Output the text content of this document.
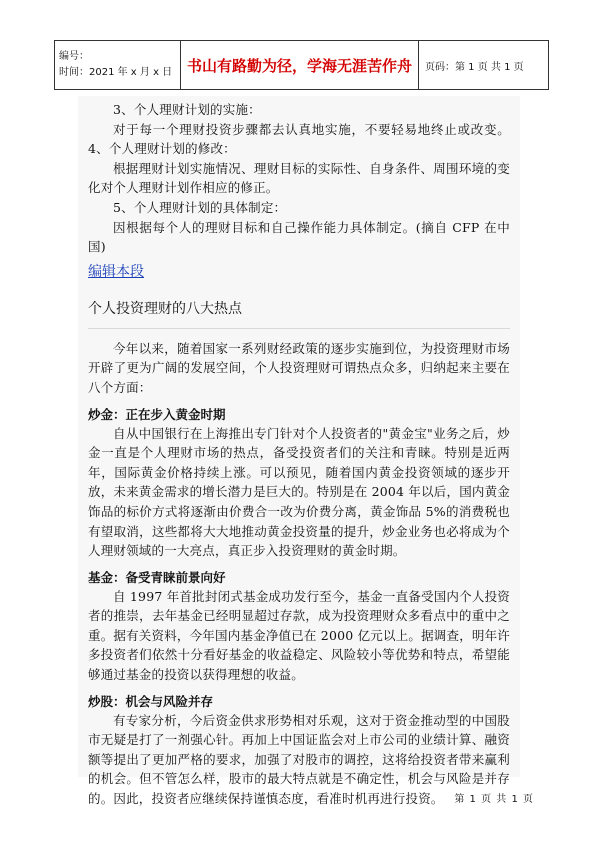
编号：
时间：2021 年 x 月 x 日	书山有路勤为径，学海无涯苦作舟	页码：第 1 页 共 1 页

3、个人理财计划的实施：

对于每一个理财投资步骤都去认真地实施，不要轻易地终止或改变。4、个人理财计划的修改：

根据理财计划实施情况、理财目标的实际性、自身条件、周围环境的变化对个人理财计划作相应的修正。

5、个人理财计划的具体制定：

因根据每个人的理财目标和自己操作能力具体制定。(摘自 CFP 在中国)

编辑本段
个人投资理财的八大热点

今年以来，随着国家一系列财经政策的逐步实施到位，为投资理财市场开辟了更为广阔的发展空间，个人投资理财可谓热点众多，归纳起来主要在八个方面：

炒金：正在步入黄金时期

自从中国银行在上海推出专门针对个人投资者的"黄金宝"业务之后，炒金一直是个人理财市场的热点，备受投资者们的关注和青睐。特别是近两年，国际黄金价格持续上涨。可以预见，随着国内黄金投资领域的逐步开放，未来黄金需求的增长潜力是巨大的。特别是在 2004 年以后，国内黄金饰品的标价方式将逐渐由价费合一改为价费分离，黄金饰品 5%的消费税也有望取消，这些都将大大地推动黄金投资量的提升，炒金业务也必将成为个人理财领域的一大亮点，真正步入投资理财的黄金时期。

基金：备受青睐前景向好

自 1997 年首批封闭式基金成功发行至今，基金一直备受国内个人投资者的推崇，去年基金已经明显超过存款，成为投资理财众多看点中的重中之重。据有关资料，今年国内基金净值已在 2000 亿元以上。据调查，明年许多投资者们依然十分看好基金的收益稳定、风险较小等优势和特点，希望能够通过基金的投资以获得理想的收益。

炒股：机会与风险并存

有专家分析，今后资金供求形势相对乐观，这对于资金推动型的中国股市无疑是打了一剂强心针。再加上中国证监会对上市公司的业绩计算、融资额等提出了更加严格的要求，加强了对股市的调控，这将给投资者带来赢利的机会。但不管怎么样，股市的最大特点就是不确定性，机会与风险是并存的。因此，投资者应继续保持谨慎态度，看准时机再进行投资。	第 1 页 共 1 页
